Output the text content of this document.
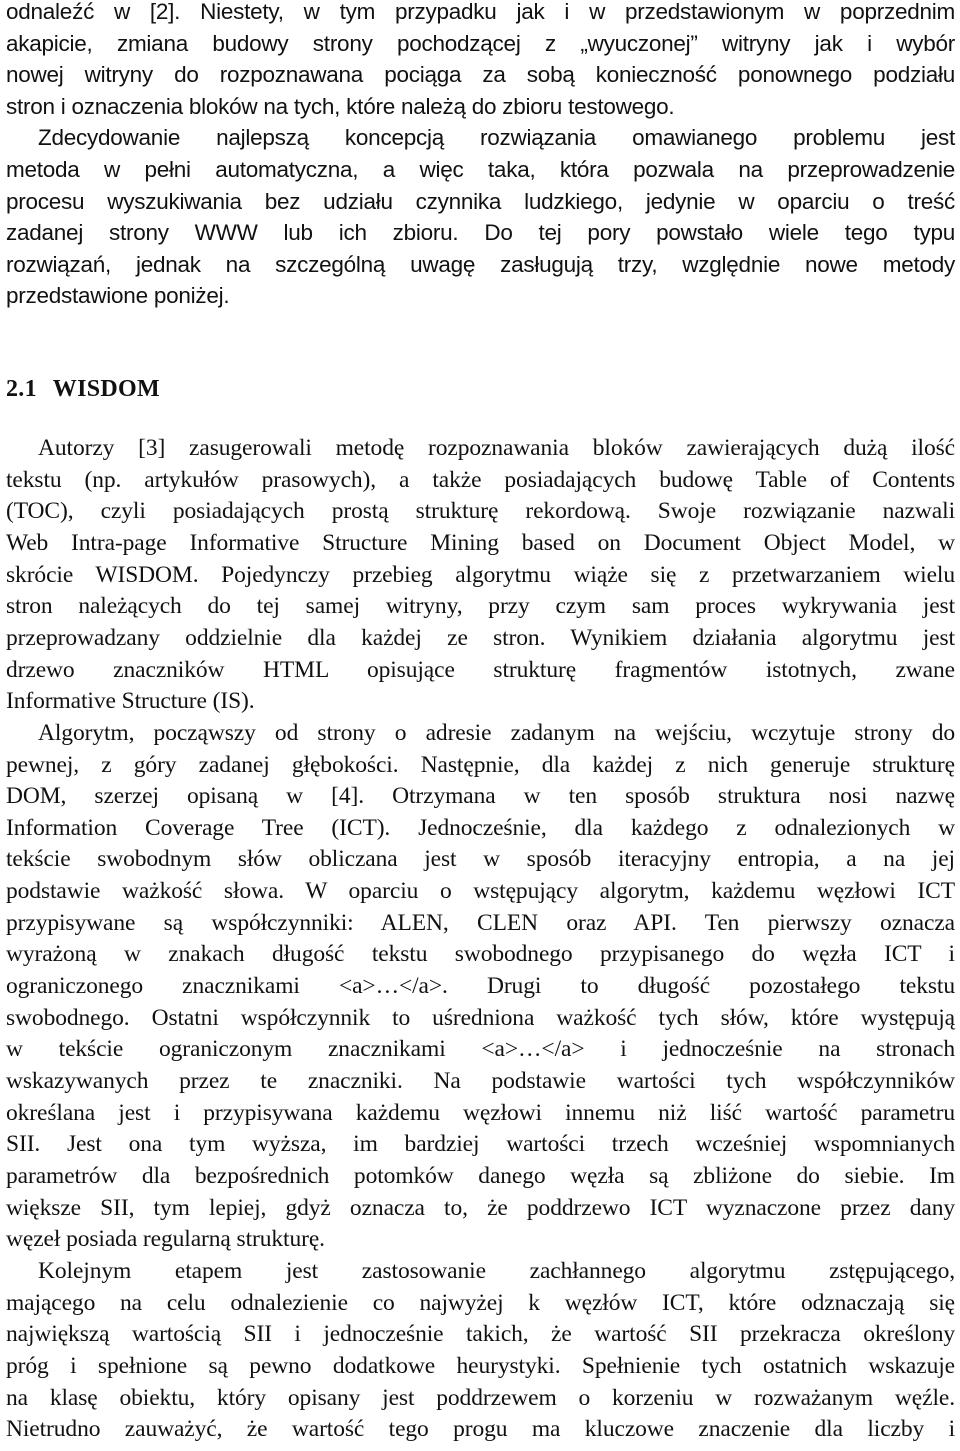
odnaleźć w [2]. Niestety, w tym przypadku jak i w przedstawionym w poprzednim

akapicie, zmiana budowy strony pochodzącej z „wyuczonej” witryny jak i wybór

nowej witryny do rozpoznawana pociąga za sobą konieczność ponownego podziału

stron i oznaczenia bloków na tych, które należą do zbioru testowego.

Zdecydowanie najlepszą koncepcją rozwiązania omawianego problemu jest

metoda w pełni automatyczna, a więc taka, która pozwala na przeprowadzenie

procesu wyszukiwania bez udziału czynnika ludzkiego, jedynie w oparciu o treść

zadanej strony WWW lub ich zbioru. Do tej pory powstało wiele tego typu

rozwiązań, jednak na szczególną uwagę zasługują trzy, względnie nowe metody

przedstawione poniżej.

2.1 WISDOM

Autorzy [3] zasugerowali metodę rozpoznawania bloków zawierających dużą ilość

tekstu (np. artykułów prasowych), a także posiadających budowę Table of Contents

(TOC), czyli posiadających prostą strukturę rekordową. Swoje rozwiązanie nazwali

Web Intra-page Informative Structure Mining based on Document Object Model, w

skrócie WISDOM. Pojedynczy przebieg algorytmu wiąże się z przetwarzaniem wielu

stron należących do tej samej witryny, przy czym sam proces wykrywania jest

przeprowadzany oddzielnie dla każdej ze stron. Wynikiem działania algorytmu jest

drzewo znaczników HTML opisujące strukturę fragmentów istotnych, zwane

Informative Structure (IS).

Algorytm, począwszy od strony o adresie zadanym na wejściu, wczytuje strony do

pewnej, z góry zadanej głębokości. Następnie, dla każdej z nich generuje strukturę

DOM, szerzej opisaną w [4]. Otrzymana w ten sposób struktura nosi nazwę

Information Coverage Tree (ICT). Jednocześnie, dla każdego z odnalezionych w

tekście swobodnym słów obliczana jest w sposób iteracyjny entropia, a na jej

podstawie ważkość słowa. W oparciu o wstępujący algorytm, każdemu węzłowi ICT

przypisywane są współczynniki: ALEN, CLEN oraz API. Ten pierwszy oznacza

wyrażoną w znakach długość tekstu swobodnego przypisanego do węzła ICT i

ograniczonego znacznikami <a>…</a>. Drugi to długość pozostałego tekstu

swobodnego. Ostatni współczynnik to uśredniona ważkość tych słów, które występują

w tekście ograniczonym znacznikami <a>…</a> i jednocześnie na stronach

wskazywanych przez te znaczniki. Na podstawie wartości tych współczynników

określana jest i przypisywana każdemu węzłowi innemu niż liść wartość parametru

SII. Jest ona tym wyższa, im bardziej wartości trzech wcześniej wspomnianych

parametrów dla bezpośrednich potomków danego węzła są zbliżone do siebie. Im

większe SII, tym lepiej, gdyż oznacza to, że poddrzewo ICT wyznaczone przez dany

węzeł posiada regularną strukturę.

Kolejnym etapem jest zastosowanie zachłannego algorytmu zstępującego,

mającego na celu odnalezienie co najwyżej k węzłów ICT, które odznaczają się

największą wartością SII i jednocześnie takich, że wartość SII przekracza określony

próg i spełnione są pewno dodatkowe heurystyki. Spełnienie tych ostatnich wskazuje

na klasę obiektu, który opisany jest poddrzewem o korzeniu w rozważanym węźle.

Nietrudno zauważyć, że wartość tego progu ma kluczowe znaczenie dla liczby i
